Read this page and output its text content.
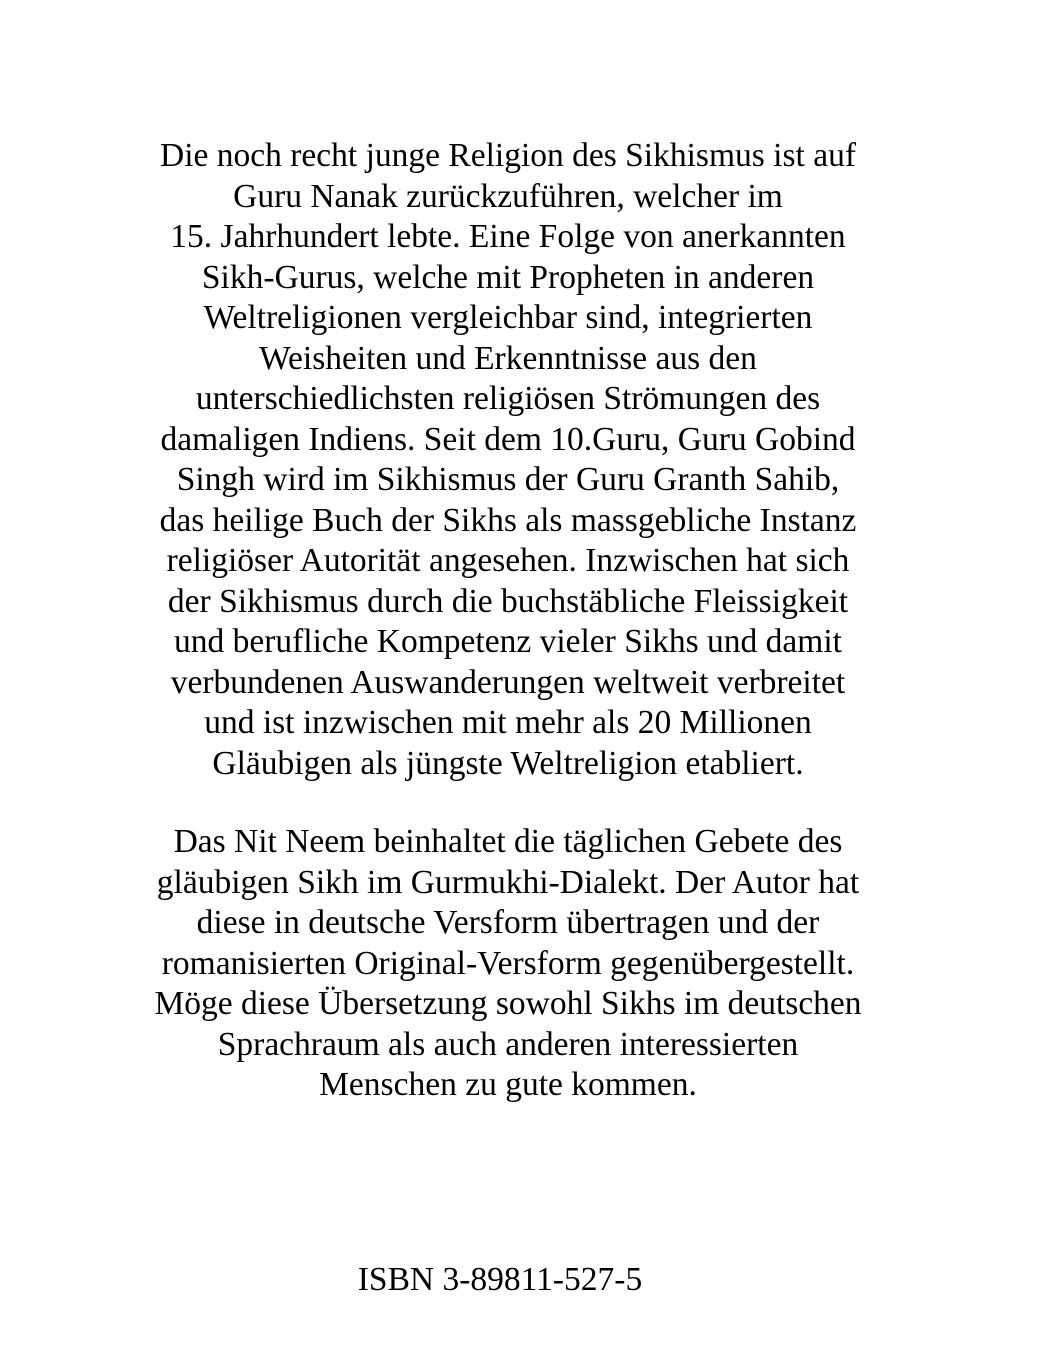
Die noch recht junge Religion des Sikhismus ist auf
Guru Nanak zurückzuführen, welcher im
15. Jahrhundert lebte. Eine Folge von anerkannten
Sikh-Gurus, welche mit Propheten in anderen
Weltreligionen vergleichbar sind, integrierten
Weisheiten und Erkenntnisse aus den
unterschiedlichsten religiösen Strömungen des
damaligen Indiens. Seit dem 10.Guru, Guru Gobind
Singh wird im Sikhismus der Guru Granth Sahib,
das heilige Buch der Sikhs als massgebliche Instanz
religiöser Autorität angesehen. Inzwischen hat sich
der Sikhismus durch die buchstäbliche Fleissigkeit
und berufliche Kompetenz vieler Sikhs und damit
verbundenen Auswanderungen weltweit verbreitet
und ist inzwischen mit mehr als 20 Millionen
Gläubigen als jüngste Weltreligion etabliert.
Das Nit Neem beinhaltet die täglichen Gebete des
gläubigen Sikh im Gurmukhi-Dialekt. Der Autor hat
diese in deutsche Versform übertragen und der
romanisierten Original-Versform gegenübergestellt.
Möge diese Übersetzung sowohl Sikhs im deutschen
Sprachraum als auch anderen interessierten
Menschen zu gute kommen.
ISBN 3-89811-527-5
